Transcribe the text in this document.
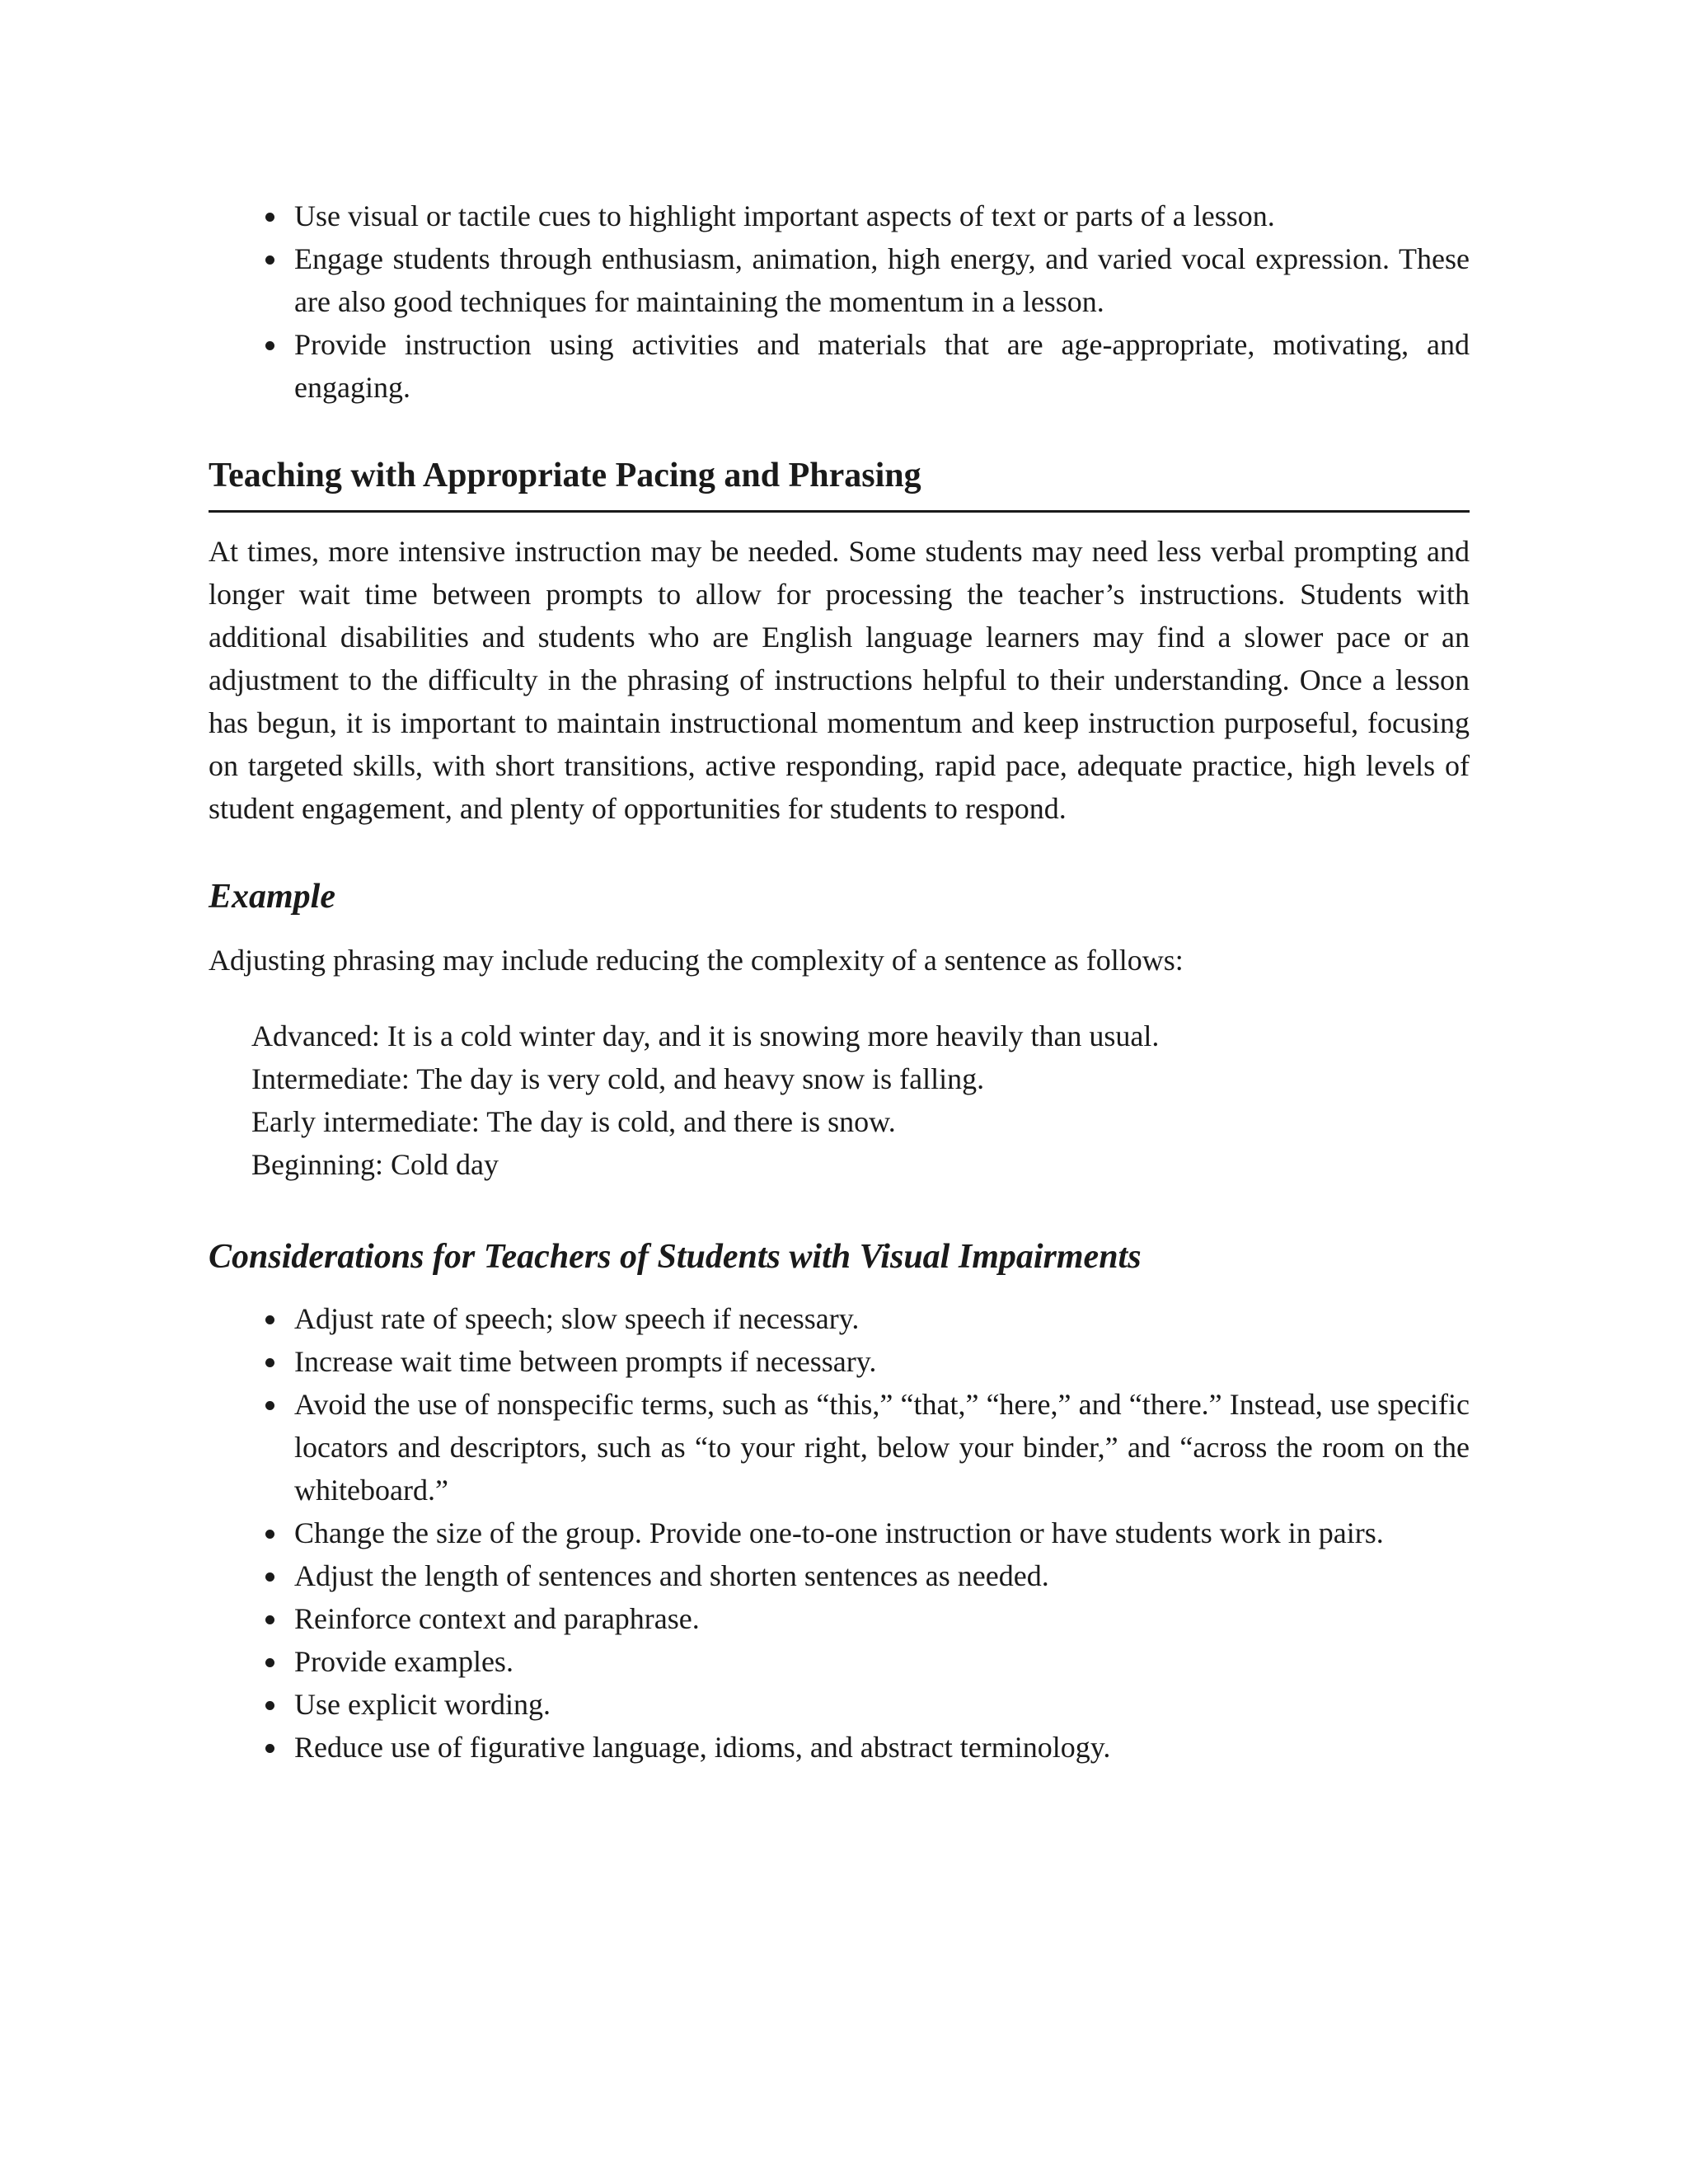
Use visual or tactile cues to highlight important aspects of text or parts of a lesson.
Engage students through enthusiasm, animation, high energy, and varied vocal expression. These are also good techniques for maintaining the momentum in a lesson.
Provide instruction using activities and materials that are age-appropriate, motivating, and engaging.
Teaching with Appropriate Pacing and Phrasing

At times, more intensive instruction may be needed. Some students may need less verbal prompting and longer wait time between prompts to allow for processing the teacher’s instructions. Students with additional disabilities and students who are English language learners may find a slower pace or an adjustment to the difficulty in the phrasing of instructions helpful to their understanding. Once a lesson has begun, it is important to maintain instructional momentum and keep instruction purposeful, focusing on targeted skills, with short transitions, active responding, rapid pace, adequate practice, high levels of student engagement, and plenty of opportunities for students to respond.

Example

Adjusting phrasing may include reducing the complexity of a sentence as follows:

Advanced: It is a cold winter day, and it is snowing more heavily than usual.
Intermediate: The day is very cold, and heavy snow is falling.
Early intermediate: The day is cold, and there is snow.
Beginning: Cold day
Considerations for Teachers of Students with Visual Impairments
Adjust rate of speech; slow speech if necessary.
Increase wait time between prompts if necessary.
Avoid the use of nonspecific terms, such as “this,” “that,” “here,” and “there.” Instead, use specific locators and descriptors, such as “to your right, below your binder,” and “across the room on the whiteboard.”
Change the size of the group. Provide one-to-one instruction or have students work in pairs.
Adjust the length of sentences and shorten sentences as needed.
Reinforce context and paraphrase.
Provide examples.
Use explicit wording.
Reduce use of figurative language, idioms, and abstract terminology.
